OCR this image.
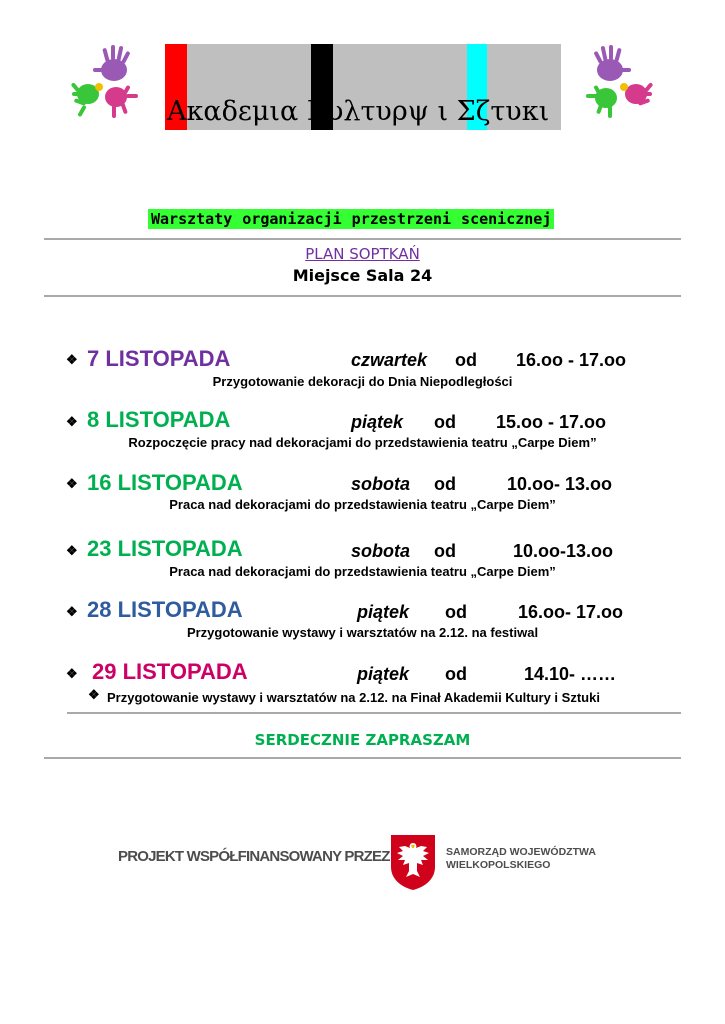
Ακαδεμια Κυλτυρψ ι Σζτυκι
Warsztaty organizacji przestrzeni scenicznej
PLAN SOPTKAŃ
Miejsce Sala 24
❖ 7 LISTOPADA	czwartek od 16.oo - 17.oo
Przygotowanie dekoracji do Dnia Niepodległości
❖ 8 LISTOPADA	piątek od 15.oo - 17.oo
Rozpoczęcie pracy nad dekoracjami do przedstawienia teatru „Carpe Diem”
❖ 16 LISTOPADA	sobota od	10.oo- 13.oo
Praca nad dekoracjami do przedstawienia teatru „Carpe Diem”
❖ 23 LISTOPADA	sobota od	10.oo-13.oo
Praca nad dekoracjami do przedstawienia teatru „Carpe Diem”
❖ 28 LISTOPADA	piątek od	16.oo- 17.oo
Przygotowanie wystawy i warsztatów na 2.12. na festiwal
❖ 29 LISTOPADA	piątek od	14.10- ……
❖ Przygotowanie wystawy i warsztatów na 2.12. na Finał Akademii Kultury i Sztuki
SERDECZNIE ZAPRASZAM
PROJEKT WSPÓŁFINANSOWANY PRZEZ	SAMORZĄD WOJEWÓDZTWA
WIELKOPOLSKIEGO
